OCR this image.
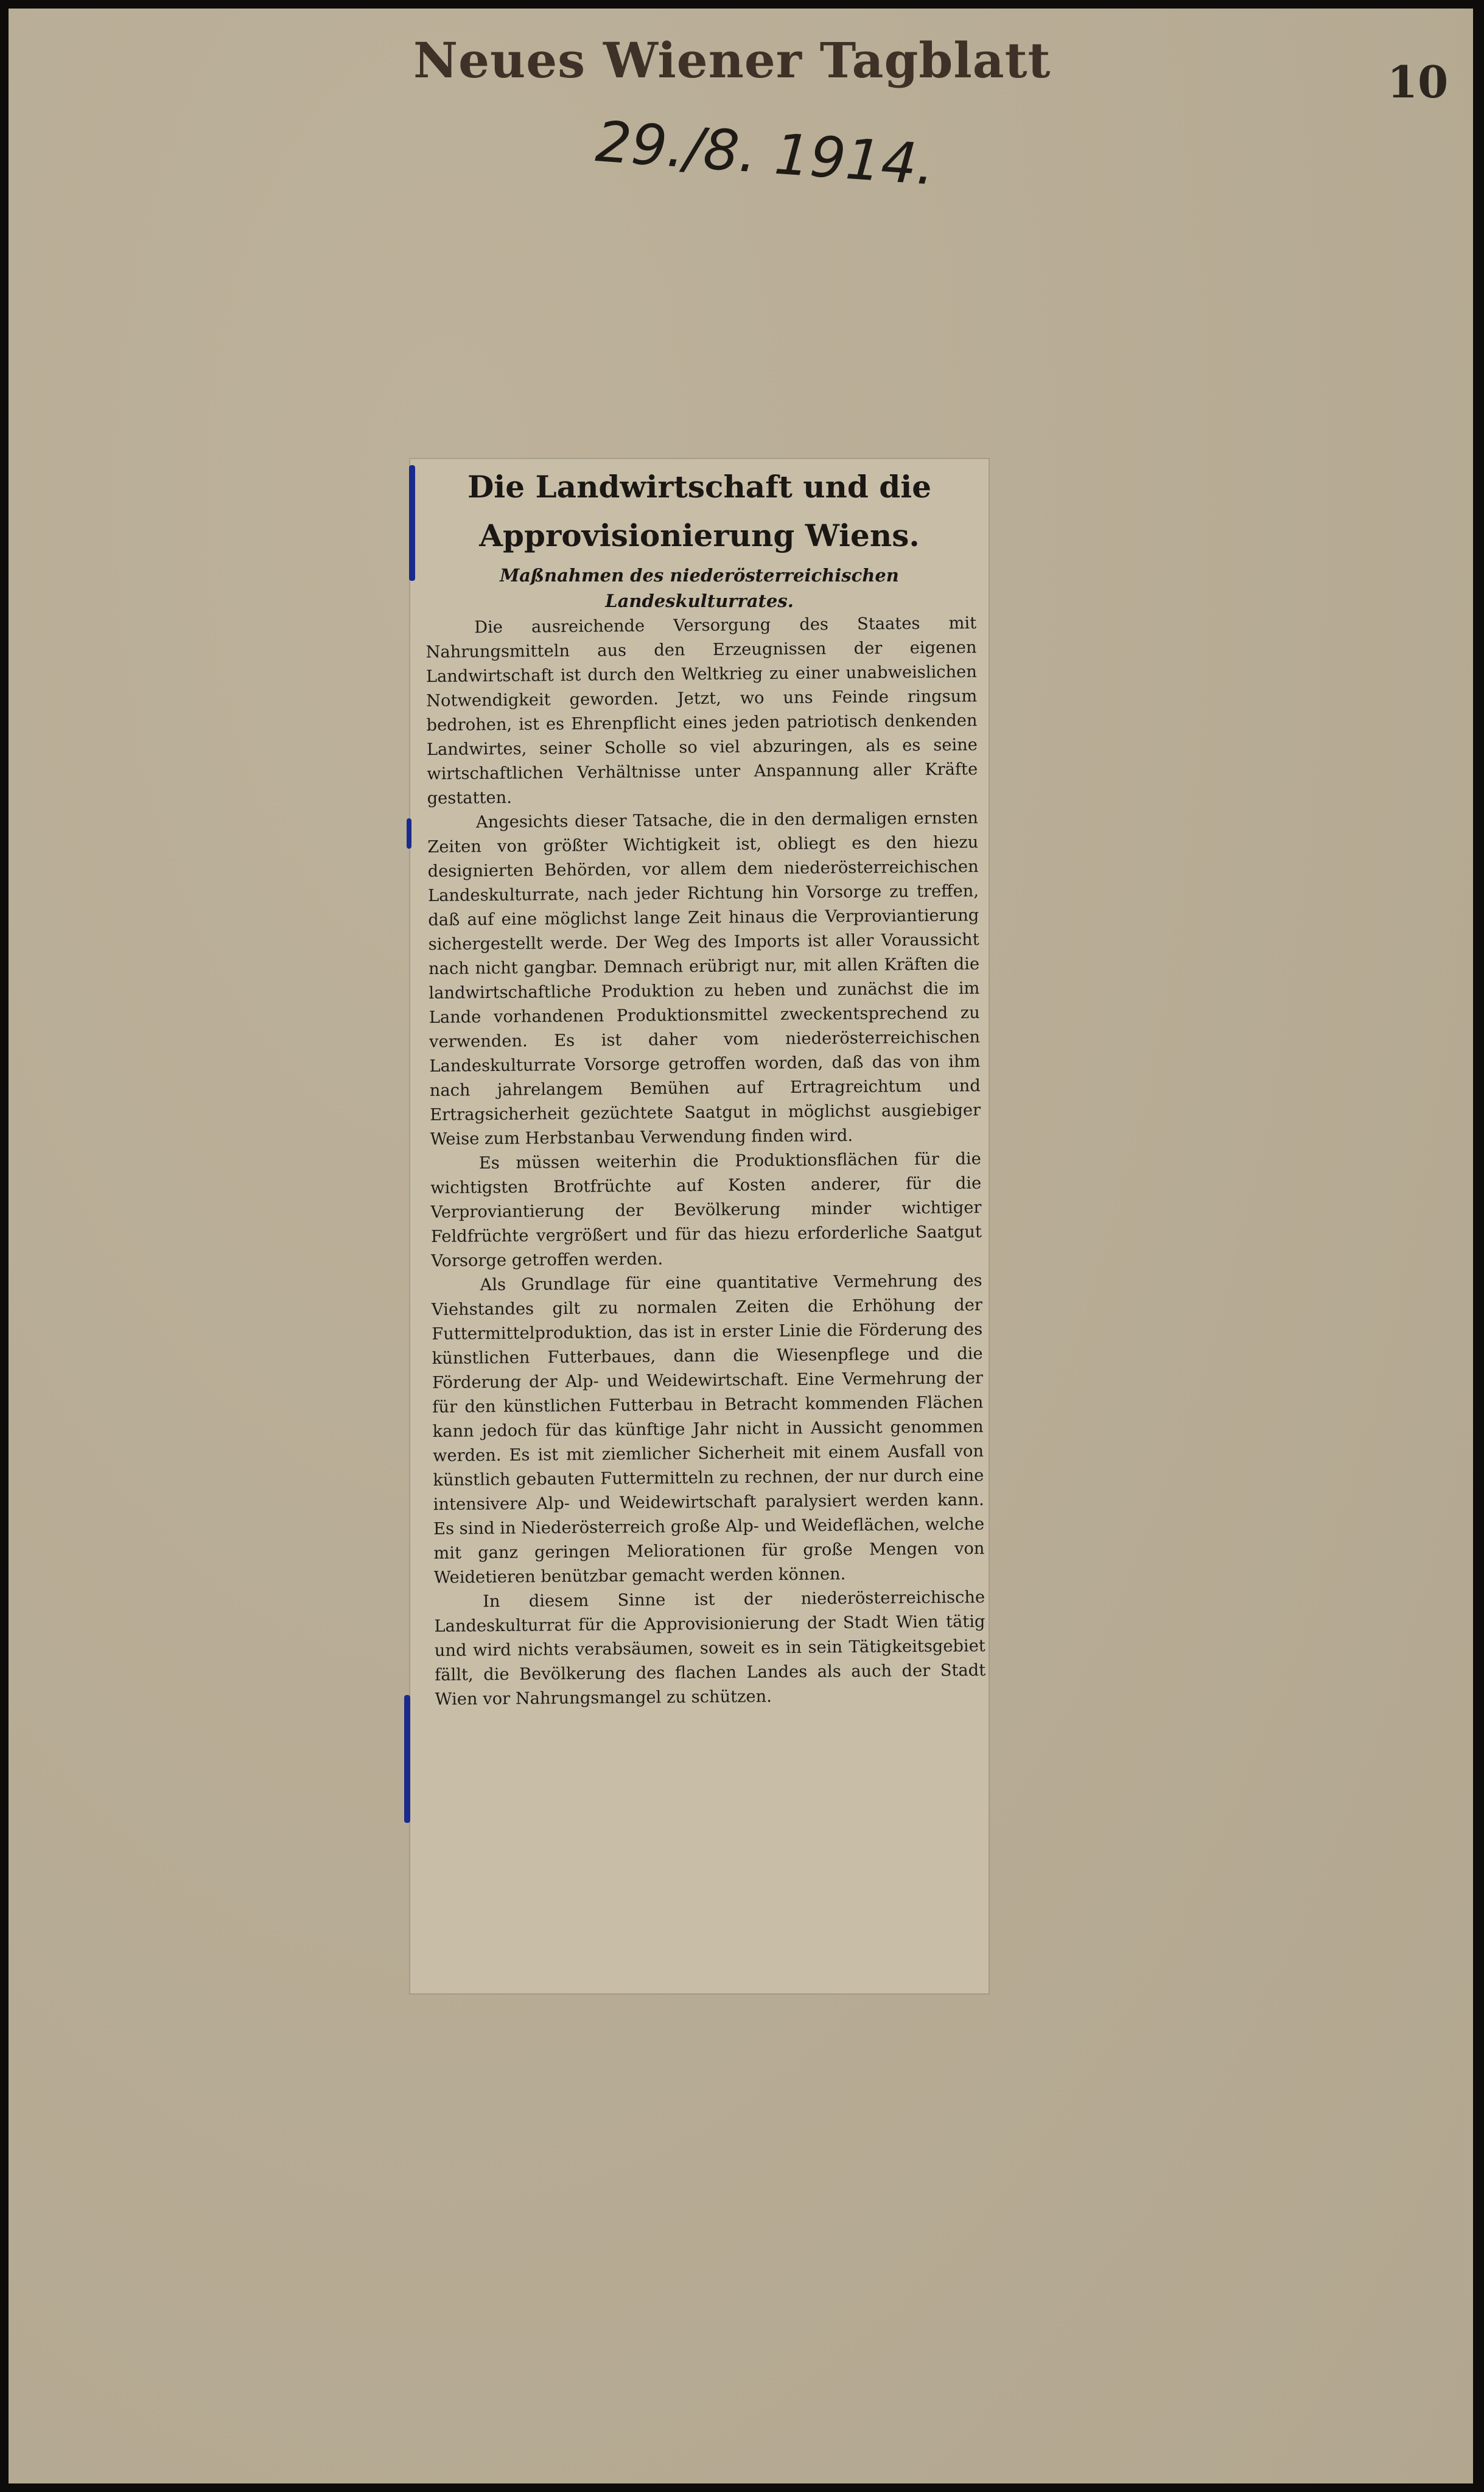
Neues Wiener Tagblatt	10
29./8. 1914.
Die Landwirtschaft und die Approvisionierung Wiens.
Maßnahmen des niederösterreichischen Landeskulturrates.

Die ausreichende Versorgung des Staates mit Nahrungsmitteln aus den Erzeugnissen der eigenen Landwirtschaft ist durch den Weltkrieg zu einer unabweislichen Notwendigkeit geworden. Jetzt, wo uns Feinde ringsum bedrohen, ist es Ehrenpflicht eines jeden patriotisch denkenden Landwirtes, seiner Scholle so viel abzuringen, als es seine wirtschaftlichen Verhältnisse unter Anspannung aller Kräfte gestatten.

Angesichts dieser Tatsache, die in den dermaligen ernsten Zeiten von größter Wichtigkeit ist, obliegt es den hiezu designierten Behörden, vor allem dem niederösterreichischen Landeskulturrate, nach jeder Richtung hin Vorsorge zu treffen, daß auf eine möglichst lange Zeit hinaus die Verproviantierung sichergestellt werde. Der Weg des Imports ist aller Voraussicht nach nicht gangbar. Demnach erübrigt nur, mit allen Kräften die landwirtschaftliche Produktion zu heben und zunächst die im Lande vorhandenen Produktionsmittel zweckentsprechend zu verwenden. Es ist daher vom niederösterreichischen Landeskulturrate Vorsorge getroffen worden, daß das von ihm nach jahrelangem Bemühen auf Ertragreichtum und Ertragsicherheit gezüchtete Saatgut in möglichst ausgiebiger Weise zum Herbstanbau Verwendung finden wird.

Es müssen weiterhin die Produktionsflächen für die wichtigsten Brotfrüchte auf Kosten anderer, für die Verproviantierung der Bevölkerung minder wichtiger Feldfrüchte vergrößert und für das hiezu erforderliche Saatgut Vorsorge getroffen werden.

Als Grundlage für eine quantitative Vermehrung des Viehstandes gilt zu normalen Zeiten die Erhöhung der Futtermittelproduktion, das ist in erster Linie die Förderung des künstlichen Futterbaues, dann die Wiesenpflege und die Förderung der Alp- und Weidewirtschaft. Eine Vermehrung der für den künstlichen Futterbau in Betracht kommenden Flächen kann jedoch für das künftige Jahr nicht in Aussicht genommen werden. Es ist mit ziemlicher Sicherheit mit einem Ausfall von künstlich gebauten Futtermitteln zu rechnen, der nur durch eine intensivere Alp- und Weidewirtschaft paralysiert werden kann. Es sind in Niederösterreich große Alp- und Weideflächen, welche mit ganz geringen Meliorationen für große Mengen von Weidetieren benützbar gemacht werden können.

In diesem Sinne ist der niederösterreichische Landeskulturrat für die Approvisionierung der Stadt Wien tätig und wird nichts verabsäumen, soweit es in sein Tätigkeitsgebiet fällt, die Bevölkerung des flachen Landes als auch der Stadt Wien vor Nahrungsmangel zu schützen.
